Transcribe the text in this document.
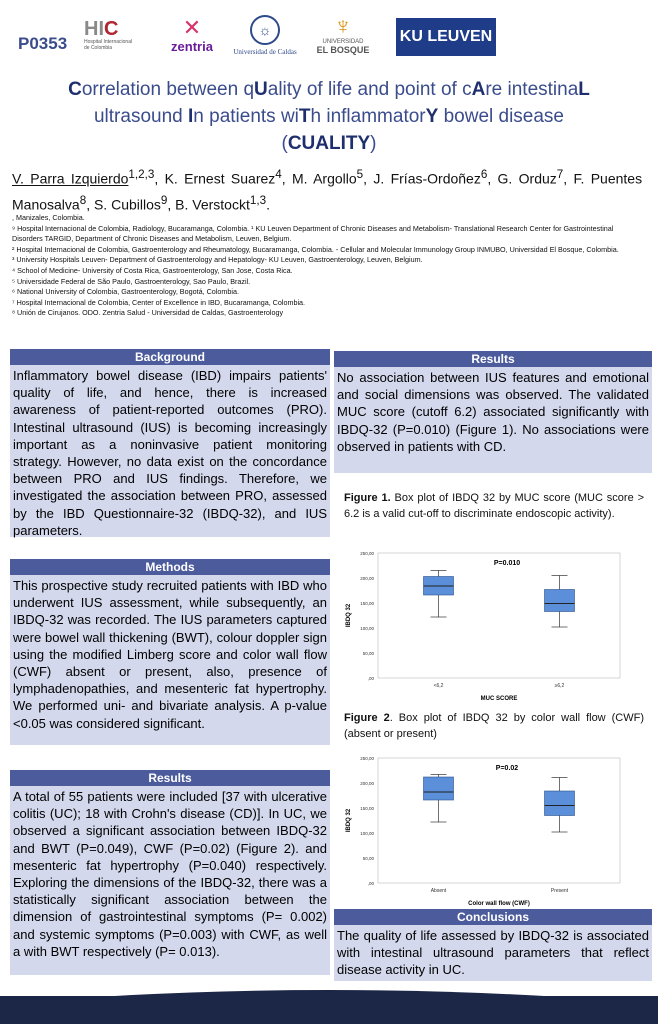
P0353
HIC
Hospital Internacional
de Colombia
✕
zentria
☼
Universidad de Caldas
♆
UNIVERSIDAD
EL BOSQUE
KU LEUVEN
Correlation between qUality of life and point of cAre intestinaL
ultrasound In patients wiTh inflammatorY bowel disease
(CUALITY)
V. Parra Izquierdo$^{1,2,3}$, K. Ernest Suarez$^4$, M. Argollo$^5$, J. Frías-Ordoñez$^6$, G. Orduz$^7$, F. Puentes Manosalva$^8$, S. Cubillos$^9$, B. Verstockt$^{1,3}$.
, Manizales, Colombia.
⁹ Hospital Internacional de Colombia, Radiology, Bucaramanga, Colombia. ¹ KU Leuven Department of Chronic Diseases and Metabolism- Translational Research Center for Gastrointestinal Disorders TARGID, Department of Chronic Diseases and Metabolism, Leuven, Belgium.
² Hospital Internacional de Colombia, Gastroenterology and Rheumatology, Bucaramanga, Colombia. - Cellular and Molecular Immunology Group INMUBO, Universidad El Bosque, Colombia.
³ University Hospitals Leuven- Department of Gastroenterology and Hepatology- KU Leuven, Gastroenterology, Leuven, Belgium.
⁴ School of Medicine- University of Costa Rica, Gastroenterology, San Jose, Costa Rica.
⁵ Universidade Federal de São Paulo, Gastroenterology, Sao Paulo, Brazil.
⁶ National University of Colombia, Gastroenterology, Bogotá, Colombia.
⁷ Hospital Internacional de Colombia, Center of Excellence in IBD, Bucaramanga, Colombia.
⁸ Unión de Cirujanos. ODO. Zentria Salud - Universidad de Caldas, Gastroenterology
Background
Inflammatory bowel disease (IBD) impairs patients' quality of life, and hence, there is increased awareness of patient-reported outcomes (PRO). Intestinal ultrasound (IUS) is becoming increasingly important as a noninvasive patient monitoring strategy. However, no data exist on the concordance between PRO and IUS findings. Therefore, we investigated the association between PRO, assessed by the IBD Questionnaire-32 (IBDQ-32), and IUS parameters.
Methods
This prospective study recruited patients with IBD who underwent IUS assessment, while subsequently, an IBDQ-32 was recorded. The IUS parameters captured were bowel wall thickening (BWT), colour doppler sign using the modified Limberg score and color wall flow (CWF) absent or present, also, presence of lymphadenopathies, and mesenteric fat hypertrophy. We performed uni- and bivariate analysis. A p-value <0.05 was considered significant.
Results
A total of 55 patients were included [37 with ulcerative colitis (UC); 18 with Crohn's disease (CD)]. In UC, we observed a significant association between IBDQ-32 and BWT (P=0.049), CWF (P=0.02) (Figure 2). and mesenteric fat hypertrophy (P=0.040) respectively. Exploring the dimensions of the IBDQ-32, there was a statistically significant association between the dimension of gastrointestinal symptoms (P= 0.002) and systemic symptoms (P=0.003) with CWF, as well a with BWT respectively (P= 0.013).
Results
No association between IUS features and emotional and social dimensions was observed. The validated MUC score (cutoff 6.2) associated significantly with IBDQ-32 (P=0.010) (Figure 1). No associations were observed in patients with CD.
Figure 1. Box plot of IBDQ 32 by MUC score (MUC score > 6.2 is a valid cut-off to discriminate endoscopic activity).
,00
50,00
100,00
150,00
200,00
250,00
IBDQ 32
MUC SCORE
P=0.010
<6,2	≥6,2
Figure 2. Box plot of IBDQ 32 by color wall flow (CWF) (absent or present)
,00
50,00
100,00
150,00
200,00
250,00
IBDQ 32
Color wall flow (CWF)
P=0.02
Absent	Present
Conclusions
The quality of life assessed by IBDQ-32 is associated with intestinal ultrasound parameters that reflect disease activity in UC.
